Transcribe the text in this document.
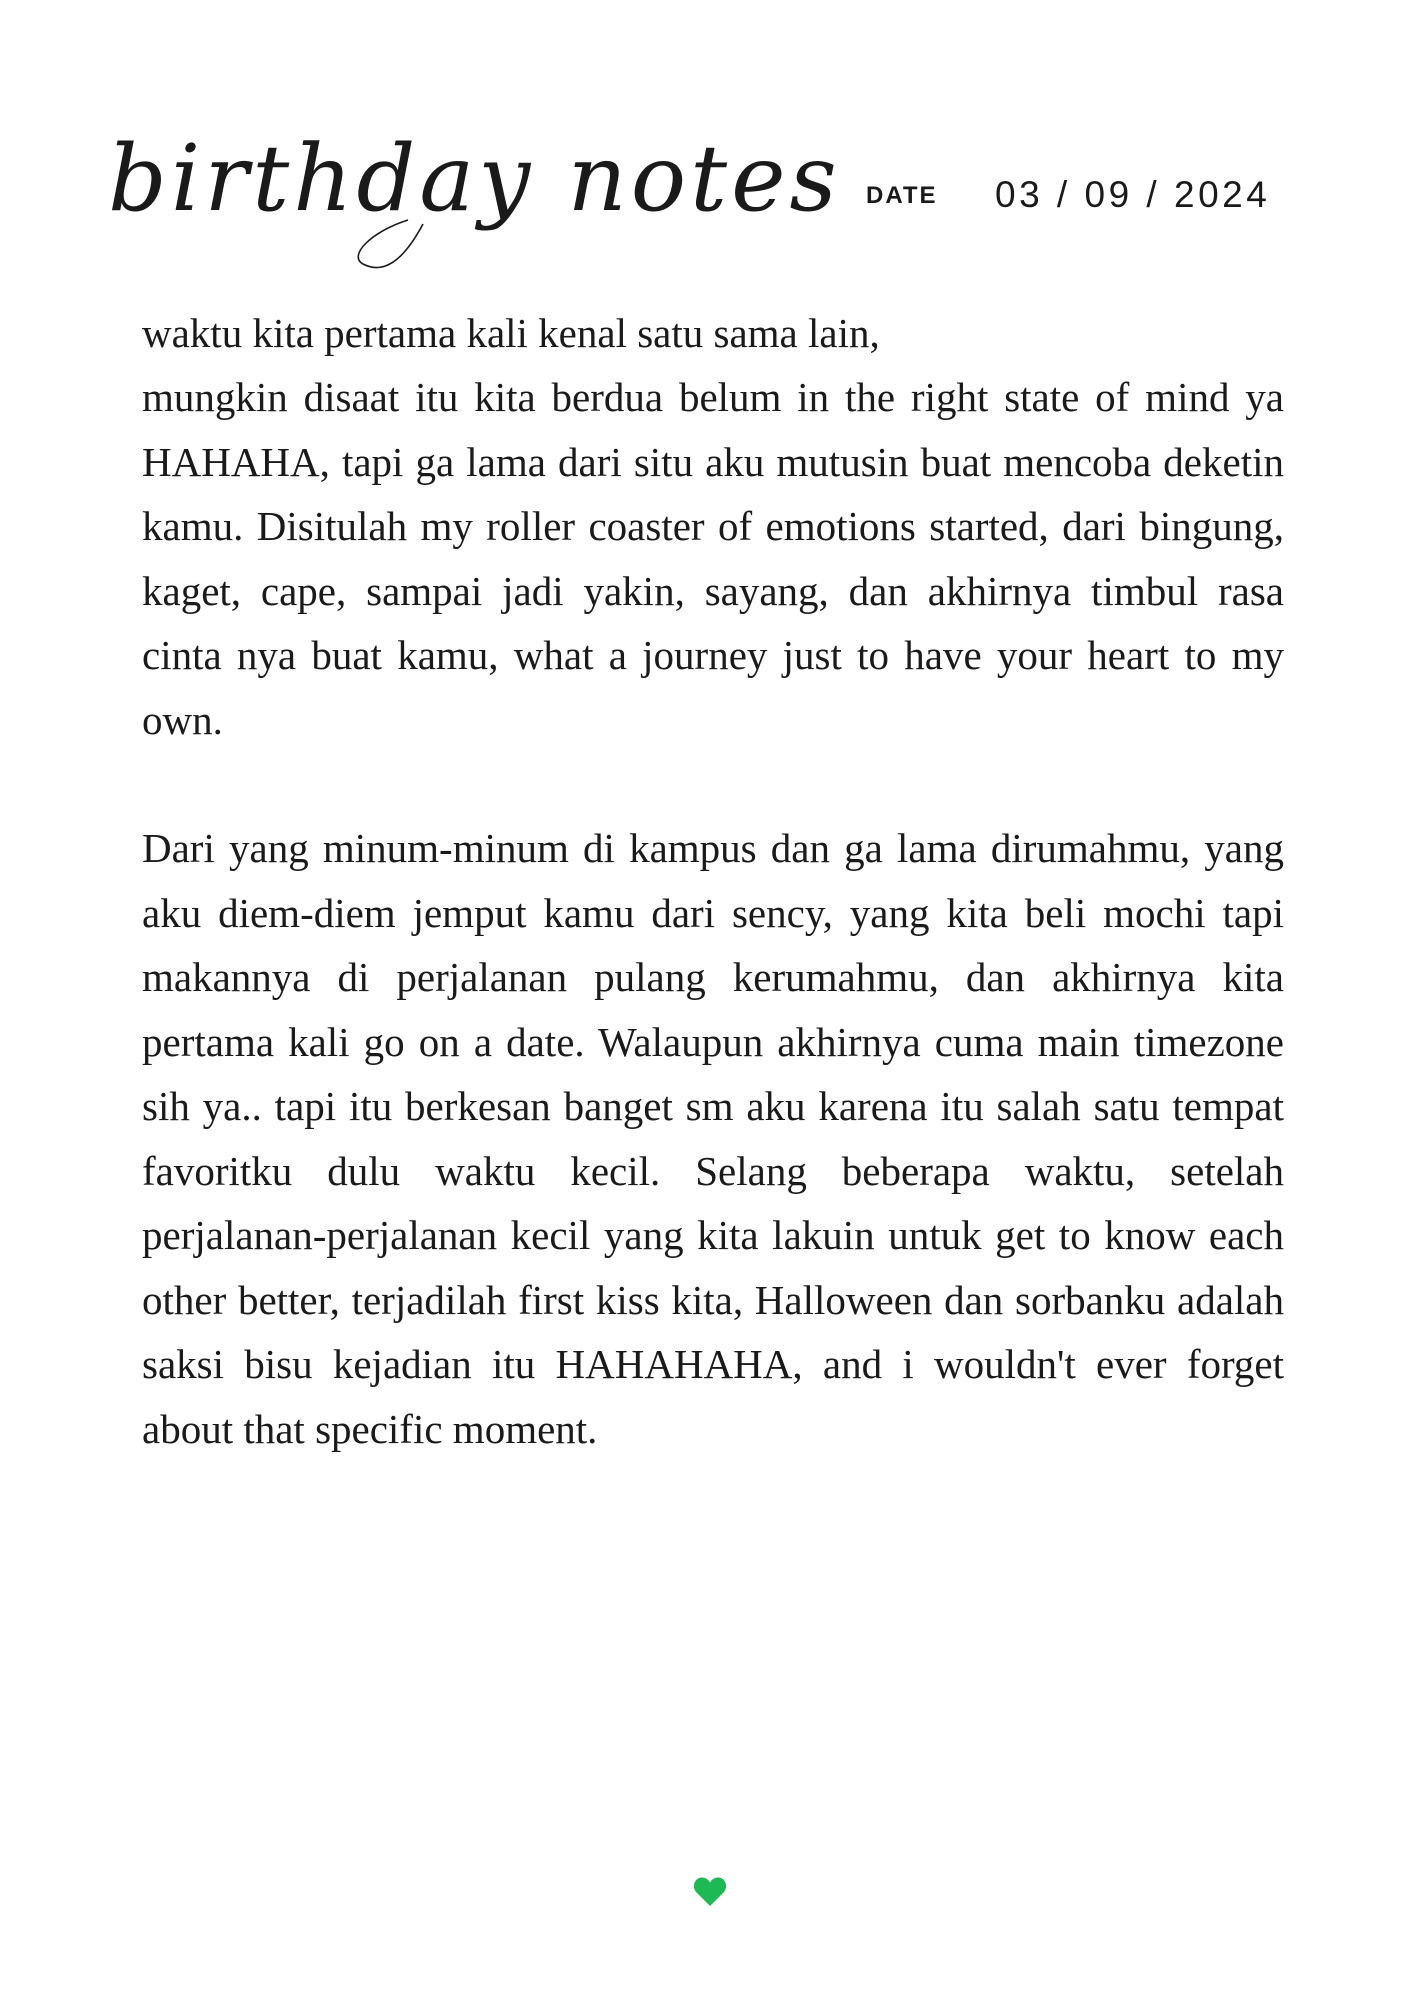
birthday notes DATE 03 / 09 / 2024
waktu kita pertama kali kenal satu sama lain,

mungkin disaat itu kita berdua belum in the right state of mind ya HAHAHA, tapi ga lama dari situ aku mutusin buat mencoba deketin kamu. Disitulah my roller coaster of emotions started, dari bingung, kaget, cape, sampai jadi yakin, sayang, dan akhirnya timbul rasa cinta nya buat kamu, what a journey just to have your heart to my own.

Dari yang minum-minum di kampus dan ga lama dirumahmu, yang aku diem-diem jemput kamu dari sency, yang kita beli mochi tapi makannya di perjalanan pulang kerumahmu, dan akhirnya kita pertama kali go on a date. Walaupun akhirnya cuma main timezone sih ya.. tapi itu berkesan banget sm aku karena itu salah satu tempat favoritku dulu waktu kecil. Selang beberapa waktu, setelah perjalanan-perjalanan kecil yang kita lakuin untuk get to know each other better, terjadilah first kiss kita, Halloween dan sorbanku adalah saksi bisu kejadian itu HAHAHAHA, and i wouldn't ever forget about that specific moment.
